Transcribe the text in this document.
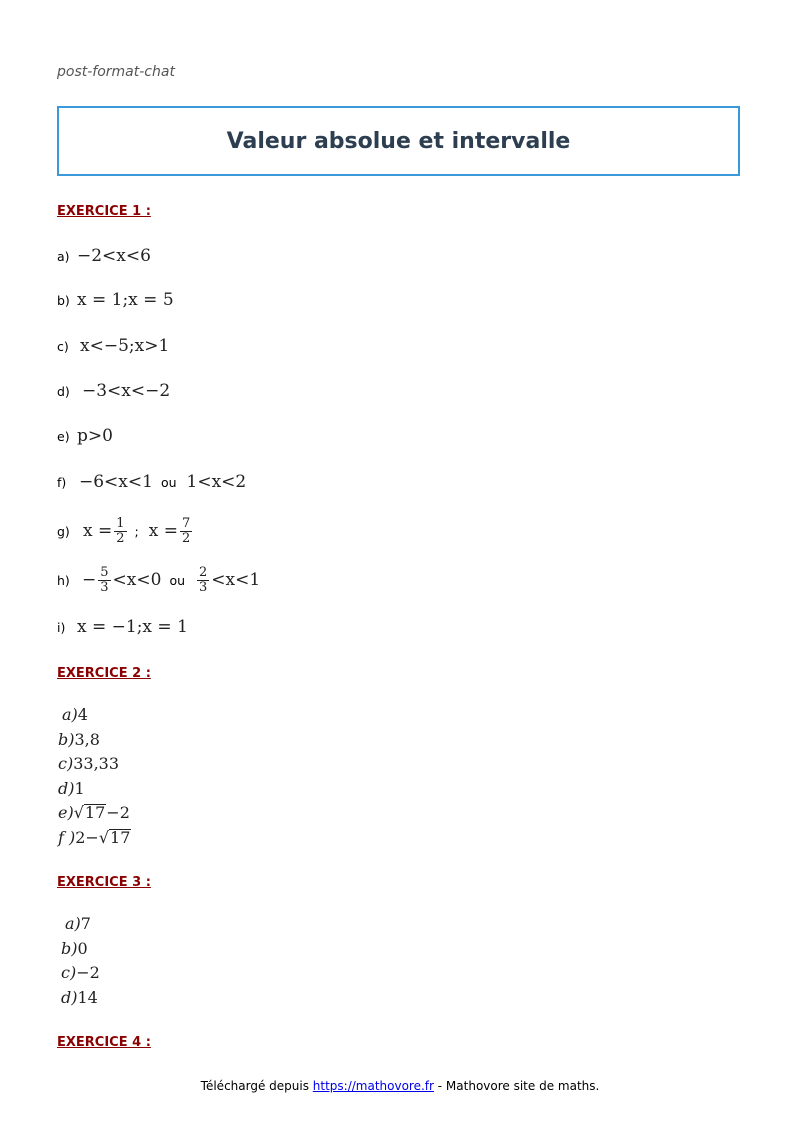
post-format-chat
Valeur absolue et intervalle
EXERCICE 1 :
a) −2<x<6
b) x = 1;x = 5
c) x<−5;x>1
d) −3<x<−2
e) p>0
f) −6<x<1 ou 1<x<2
g) $x = \frac{1}{2}$ ; $x = \frac{7}{2}$
$h) - \frac{5}{3} <x<0$ ou $\frac{2}{3} <x<1$
i) x = −1;x = 1
EXERCICE 2 :
a)4
b)3,8
c)33,33
d)1
e)√17−2
f )2−√17
EXERCICE 3 :
a)7
b)0
c)−2
d)14
EXERCICE 4 :
Téléchargé depuis https://mathovore.fr - Mathovore site de maths.
